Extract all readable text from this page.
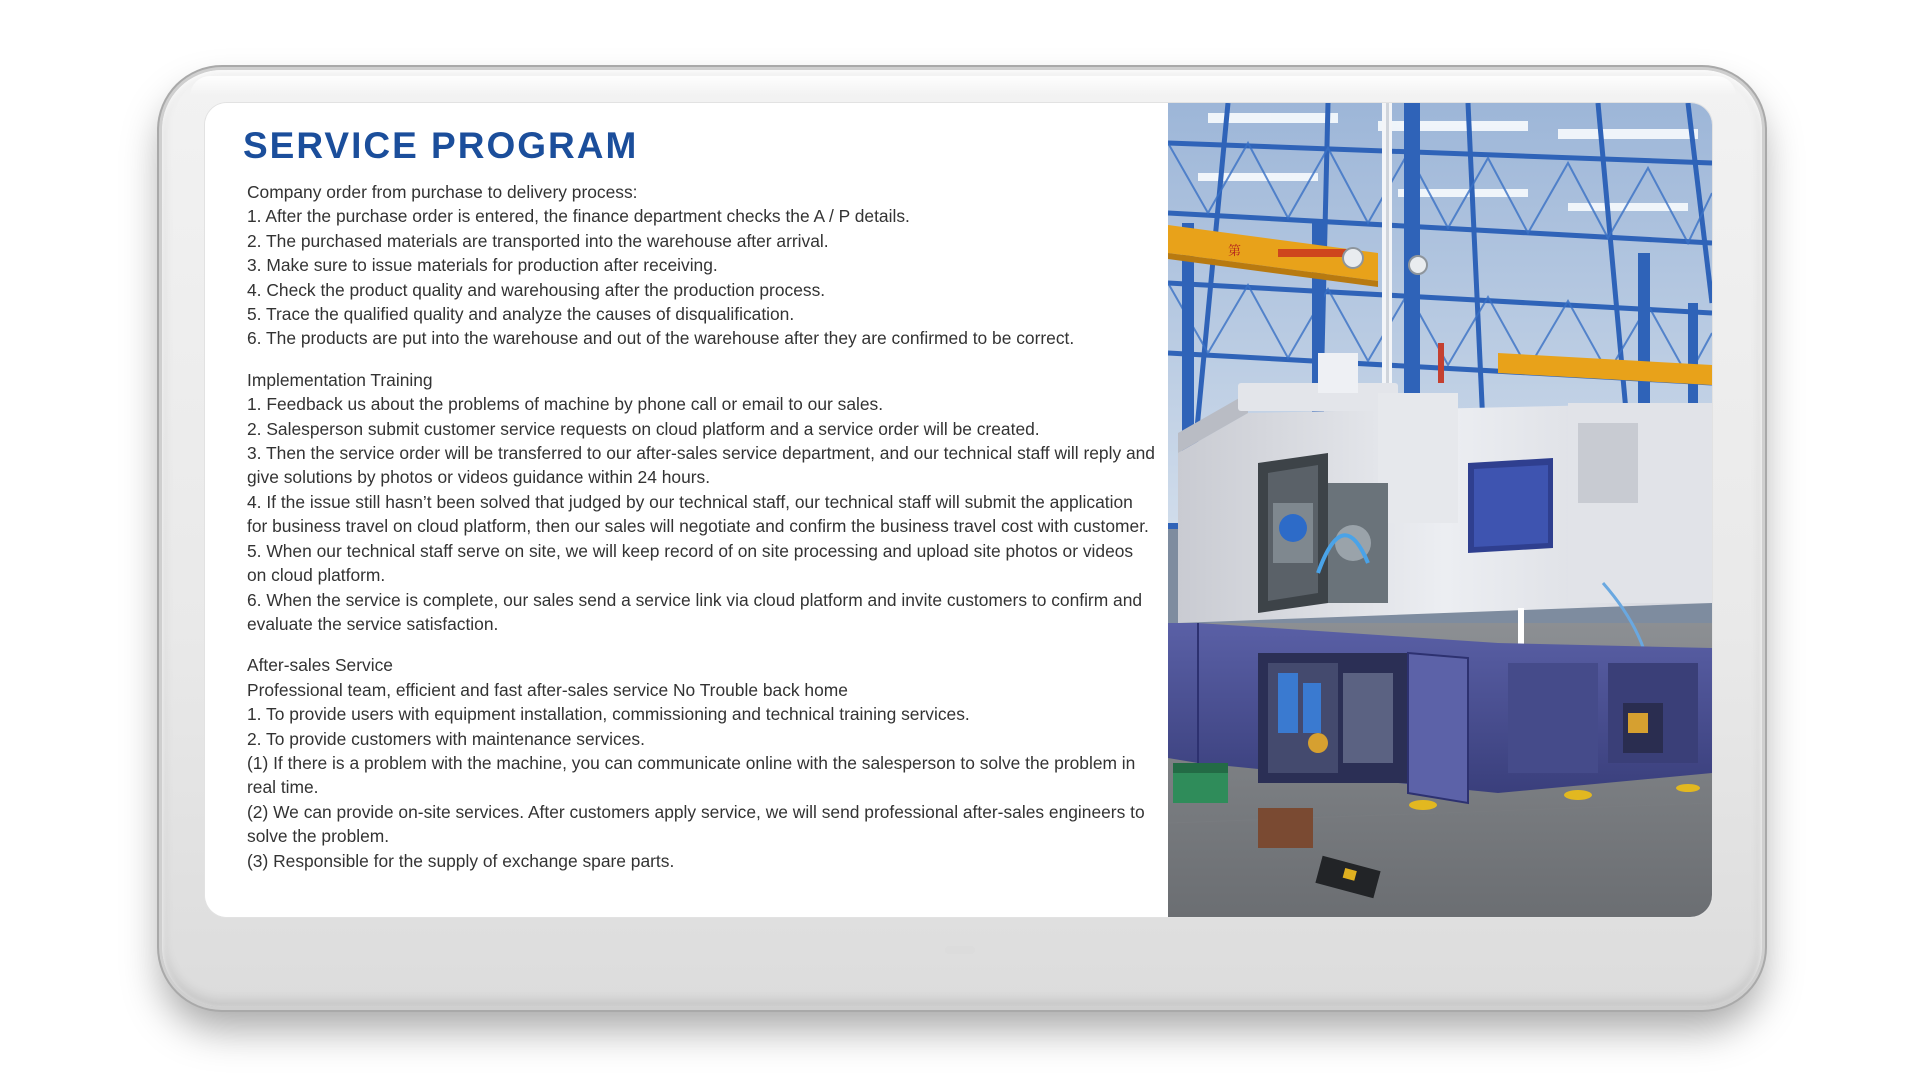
SERVICE PROGRAM

Company order from purchase to delivery process:

1. After the purchase order is entered, the finance department checks the A / P details.

2. The purchased materials are transported into the warehouse after arrival.

3. Make sure to issue materials for production after receiving.

4. Check the product quality and warehousing after the production process.

5. Trace the qualified quality and analyze the causes of disqualification.

6. The products are put into the warehouse and out of the warehouse after they are confirmed to be correct.

Implementation Training

1. Feedback us about the problems of machine by phone call or email to our sales.

2. Salesperson submit customer service requests on cloud platform and a service order will be created.

3. Then the service order will be transferred to our after-sales service department, and our technical staff will reply and give solutions by photos or videos guidance within 24 hours.

4. If the issue still hasn’t been solved that judged by our technical staff, our technical staff will submit the application for business travel on cloud platform, then our sales will negotiate and confirm the business travel cost with customer.

5. When our technical staff serve on site, we will keep record of on site processing and upload site photos or videos on cloud platform.

6. When the service is complete, our sales send a service link via cloud platform and invite customers to confirm and evaluate the service satisfaction.

After-sales Service

Professional team, efficient and fast after-sales service No Trouble back home

1. To provide users with equipment installation, commissioning and technical training services.

2. To provide customers with maintenance services.

(1) If there is a problem with the machine, you can communicate online with the salesperson to solve the problem in real time.

(2) We can provide on-site services. After customers apply service, we will send professional after-sales engineers to solve the problem.

(3) Responsible for the supply of exchange spare parts.

第
